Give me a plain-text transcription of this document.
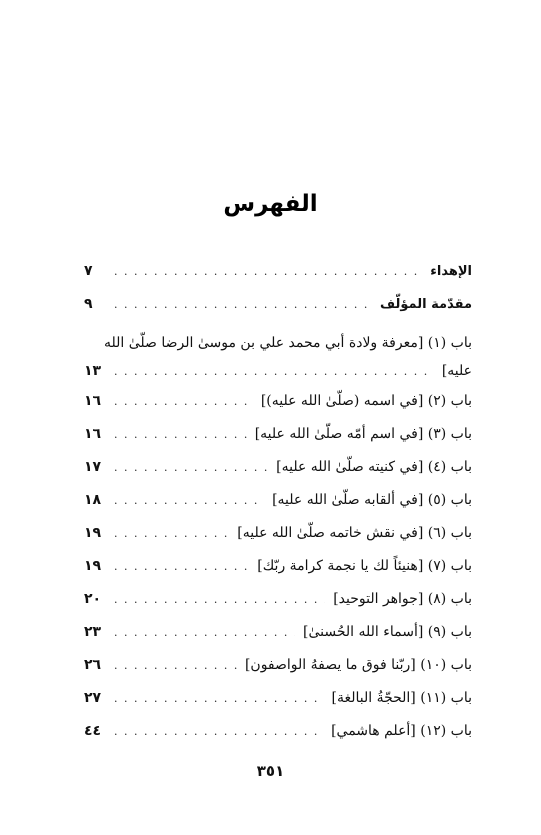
الفهرس
الإهداء
. . .
٧
مقدّمة المؤلّف
. . .
٩
باب (١) [معرفة ولادة أبي محمد علي بن موسىٰ الرضا صلّىٰ الله
عليه]
. . .
١٣
باب (٢) [في اسمه (صلّىٰ الله عليه)]
. . .
١٦
باب (٣) [في اسم أمّه صلّىٰ الله عليه]
. . .
١٦
باب (٤) [في كنيته صلّىٰ الله عليه]
. . .
١٧
باب (٥) [في ألقابه صلّىٰ الله عليه]
. . .
١٨
باب (٦) [في نقش خاتمه صلّىٰ الله عليه]
. . .
١٩
باب (٧) [هنيئاً لك يا نجمة كرامة ربّك]
. . .
١٩
باب (٨) [جواهر التوحيد]
. . .
٢٠
باب (٩) [أسماء الله الحُسنىٰ]
. . .
٢٣
باب (١٠) [ربّنا فوق ما يصفهُ الواصفون]
. . .
٢٦
باب (١١) [الحجّةُ البالغة]
. . .
٢٧
باب (١٢) [أعلم هاشمي]
. . .
٤٤
٣٥١
